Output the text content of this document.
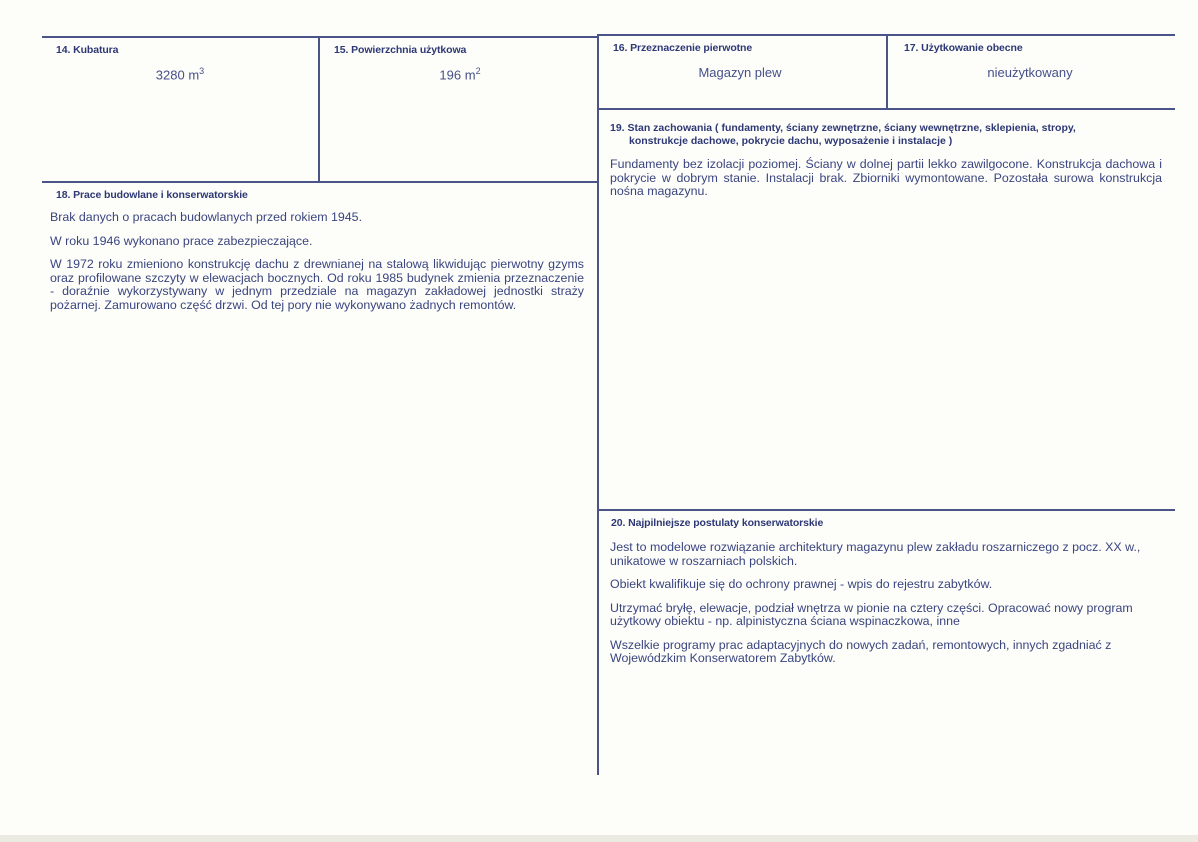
14. Kubatura
3280 $m^3$
15. Powierzchnia użytkowa
196 $m^2$
16. Przeznaczenie pierwotne
Magazyn plew
17. Użytkowanie obecne
nieużytkowany
18. Prace budowlane i konserwatorskie

Brak danych o pracach budowlanych przed rokiem 1945.

W roku 1946 wykonano prace zabezpieczające.

W 1972 roku zmieniono konstrukcję dachu z drewnianej na stalową likwidując pierwotny gzyms oraz profilowane szczyty w elewacjach bocznych. Od roku 1985 budynek zmienia przeznaczenie - doraźnie wykorzystywany w jednym przedziale na magazyn zakładowej jednostki straży pożarnej. Zamurowano część drzwi. Od tej pory nie wykonywano żadnych remontów.

19. Stan zachowania ( fundamenty, ściany zewnętrzne, ściany wewnętrzne, sklepienia, stropy,
konstrukcje dachowe, pokrycie dachu, wyposażenie i instalacje )

Fundamenty bez izolacji poziomej. Ściany w dolnej partii lekko zawilgocone. Konstrukcja dachowa i pokrycie w dobrym stanie. Instalacji brak. Zbiorniki wymontowane. Pozostała surowa konstrukcja nośna magazynu.

20. Najpilniejsze postulaty konserwatorskie

Jest to modelowe rozwiązanie architektury magazynu plew zakładu roszarniczego z pocz. XX w., unikatowe w roszarniach polskich.

Obiekt kwalifikuje się do ochrony prawnej - wpis do rejestru zabytków.

Utrzymać bryłę, elewacje, podział wnętrza w pionie na cztery części. Opracować nowy program użytkowy obiektu - np. alpinistyczna ściana wspinaczkowa, inne

Wszelkie programy prac adaptacyjnych do nowych zadań, remontowych, innych zgadniać z Wojewódzkim Konserwatorem Zabytków.
